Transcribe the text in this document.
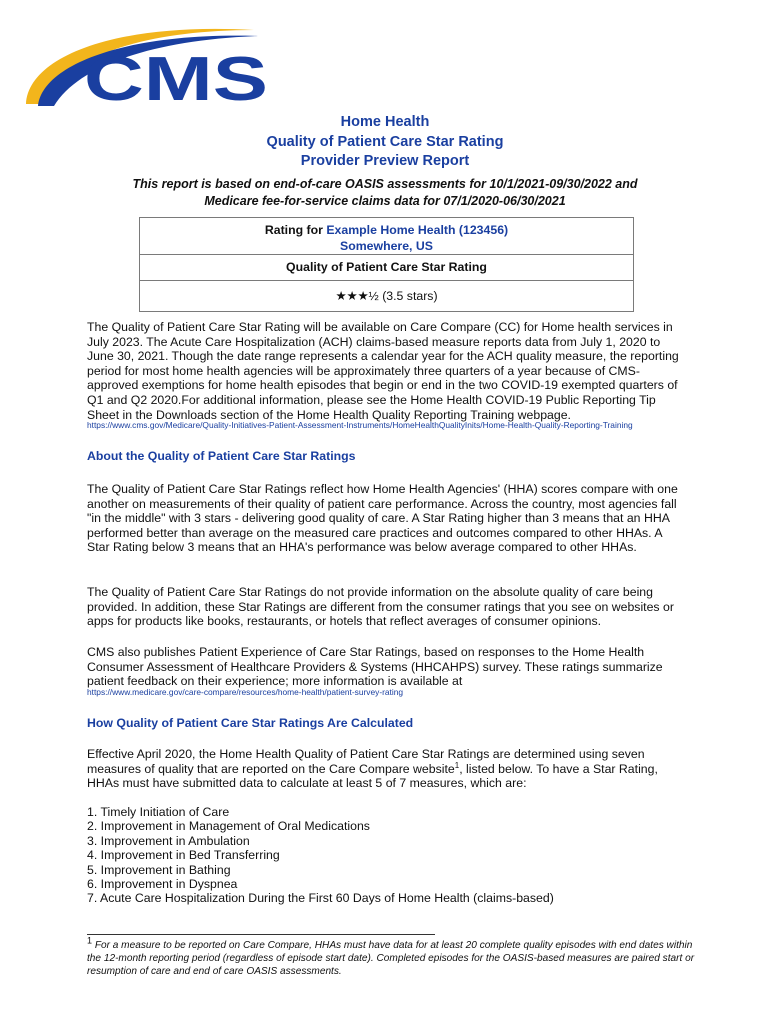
CMS
Home Health
Quality of Patient Care Star Rating
Provider Preview Report
This report is based on end-of-care OASIS assessments for 10/1/2021-09/30/2022 and
Medicare fee-for-service claims data for 07/1/2020-06/30/2021
Rating for Example Home Health (123456)
Somewhere, US
Quality of Patient Care Star Rating
★★★½ (3.5 stars)
The Quality of Patient Care Star Rating will be available on Care Compare (CC) for Home health services in July 2023. The Acute Care Hospitalization (ACH) claims-based measure reports data from July 1, 2020 to June 30, 2021. Though the date range represents a calendar year for the ACH quality measure, the reporting period for most home health agencies will be approximately three quarters of a year because of CMS-approved exemptions for home health episodes that begin or end in the two COVID-19 exempted quarters of Q1 and Q2 2020.For additional information, please see the Home Health COVID-19 Public Reporting Tip Sheet in the Downloads section of the Home Health Quality Reporting Training webpage.
https://www.cms.gov/Medicare/Quality-Initiatives-Patient-Assessment-Instruments/HomeHealthQualityInits/Home-Health-Quality-Reporting-Training
About the Quality of Patient Care Star Ratings
The Quality of Patient Care Star Ratings reflect how Home Health Agencies' (HHA) scores compare with one another on measurements of their quality of patient care performance. Across the country, most agencies fall "in the middle" with 3 stars - delivering good quality of care. A Star Rating higher than 3 means that an HHA performed better than average on the measured care practices and outcomes compared to other HHAs. A Star Rating below 3 means that an HHA's performance was below average compared to other HHAs.
The Quality of Patient Care Star Ratings do not provide information on the absolute quality of care being provided. In addition, these Star Ratings are different from the consumer ratings that you see on websites or apps for products like books, restaurants, or hotels that reflect averages of consumer opinions.
CMS also publishes Patient Experience of Care Star Ratings, based on responses to the Home Health Consumer Assessment of Healthcare Providers & Systems (HHCAHPS) survey. These ratings summarize patient feedback on their experience; more information is available at
https://www.medicare.gov/care-compare/resources/home-health/patient-survey-rating
How Quality of Patient Care Star Ratings Are Calculated
Effective April 2020, the Home Health Quality of Patient Care Star Ratings are determined using seven measures of quality that are reported on the Care Compare website$^1$, listed below. To have a Star Rating, HHAs must have submitted data to calculate at least 5 of 7 measures, which are:
1. Timely Initiation of Care
2. Improvement in Management of Oral Medications
3. Improvement in Ambulation
4. Improvement in Bed Transferring
5. Improvement in Bathing
6. Improvement in Dyspnea
7. Acute Care Hospitalization During the First 60 Days of Home Health (claims-based)
$^1$ For a measure to be reported on Care Compare, HHAs must have data for at least 20 complete quality episodes with end dates within the 12-month reporting period (regardless of episode start date). Completed episodes for the OASIS-based measures are paired start or resumption of care and end of care OASIS assessments.
